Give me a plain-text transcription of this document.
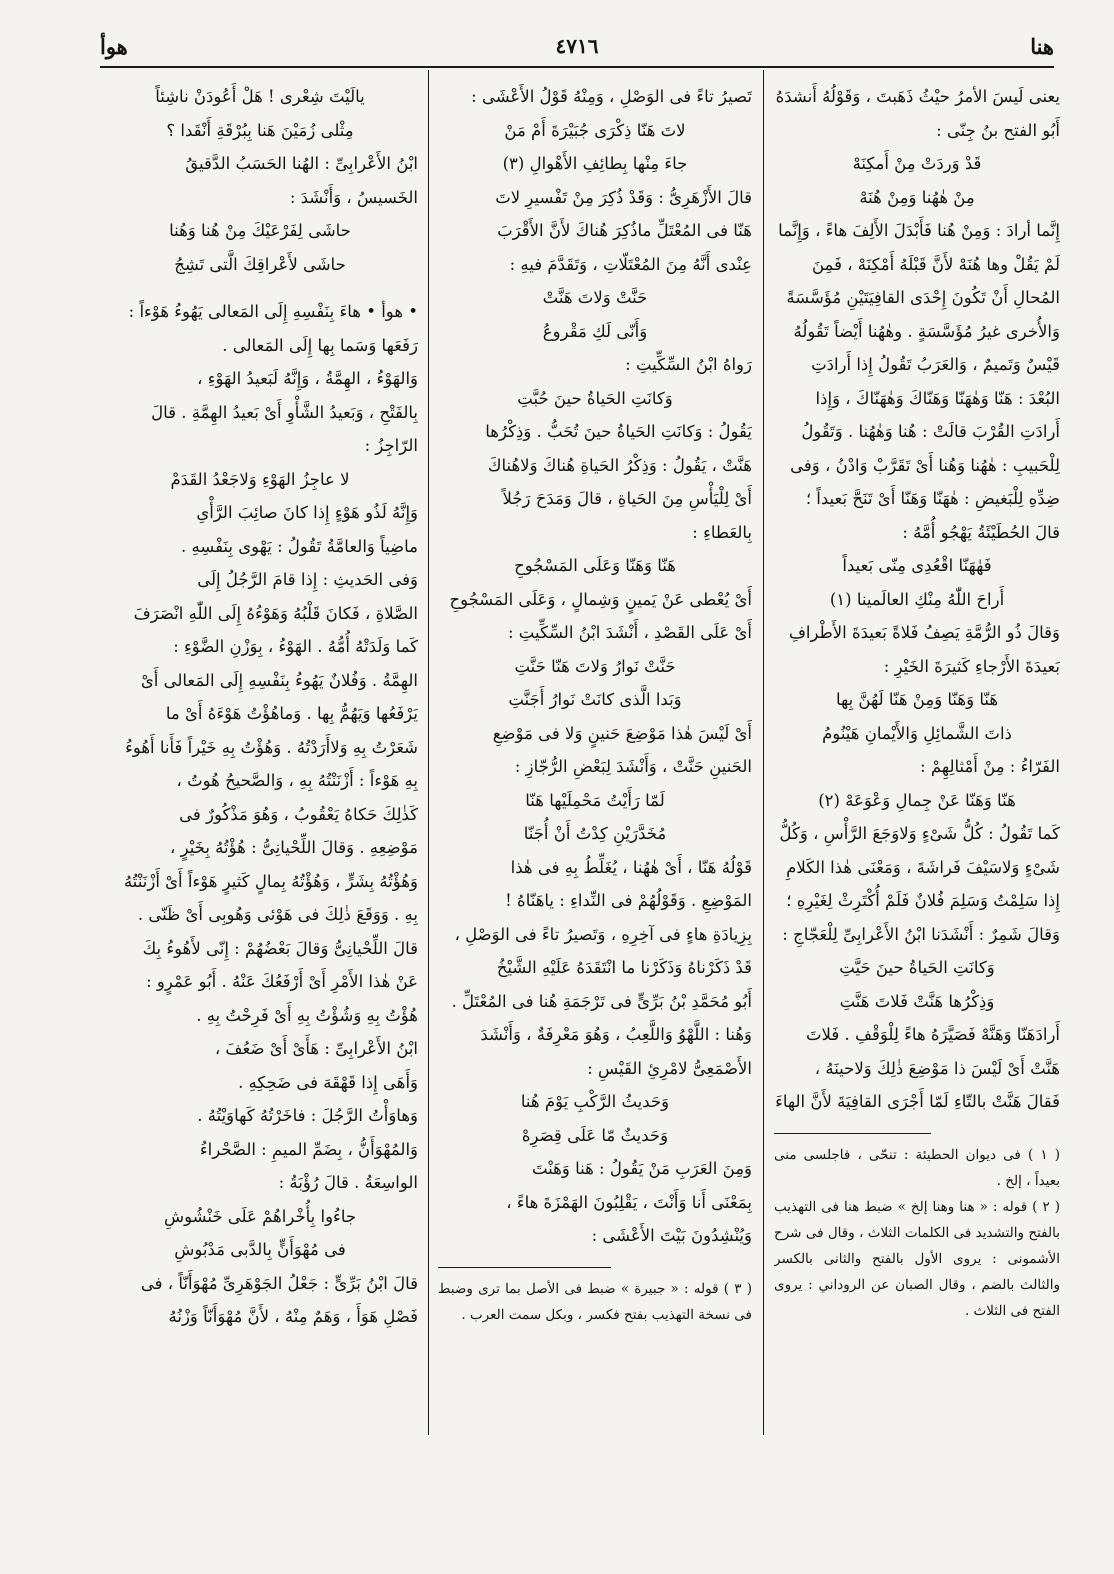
هنا
٤٧١٦
هوأ

يعنى لَيسَ الأمرُ حيْثُ ذَهَبتَ ، وَقَوْلُهُ أَنشدَهُ

أَبُو الفتح بنُ جِنّى :

قَدْ وَردَتْ مِنْ أَمكِنَهْ

مِنْ هٰهُنا وَمِنْ هُنَهْ

إِنَّما أرادَ : وَمِنْ هُنا فَأَبْدَلَ الأَلِفَ هاءً ، وَإِنَّما

لَمْ يَقُلْ وها هُنَهْ لأَنَّ قَبْلَهُ أَمْكِنَهْ ، فَمِنَ

المُحالِ أَنْ تَكُونَ إِحْدَى القافِيَتَيْنِ مُؤَسَّسَةً

وَالأُخرى غيرُ مُؤَسَّسَةٍ . وهٰهُنا أَيْضاً تَقُولُهُ

قَيْسٌ وَتَميمٌ ، وَالعَرَبُ تَقُولُ إِذا أَرادَتِ

البُعْدَ : هَنّا وَهٰهَنّا وَهَنّاكَ وَهٰهَنّاكَ ، وَإِذا

أَرادَتِ القُرْبَ قالَتْ : هُنا وَهٰهُنا . وَتَقُولُ

لِلْحَبيبِ : هٰهُنا وَهُنا أَىْ تَقَرَّبْ وَادْنُ ، وَفى

ضِدِّهِ لِلْبَغيضِ : هٰهَنّا وَهَنّا أَىْ تَنَحَّ بَعيداً ؛

قالَ الحُطَيْئَةُ يَهْجُو أُمَّهُ :

فَهٰهَنّا اقْعُدِى مِنّى بَعيداً

أَراحَ اللّٰهُ مِنْكِ العالَمينا (١)

وَقالَ ذُو الرُّمَّةِ يَصِفُ فَلاةً بَعيدَةَ الأَطْرافِ

بَعيدَةَ الأَرْجاءِ كَثيرَةَ الخَيْرِ :

هَنّا وَهَنّا وَمِنْ هَنّا لَهُنَّ بِها

ذاتَ الشَّمائِلِ وَالأَيْمانِ هَيْنُومُ

الفَرّاءُ : مِنْ أَمْثالِهِمْ :

هَنّا وَهَنّا عَنْ جِمالِ وَعْوَعَهْ (٢)

كَما تَقُولُ : كُلُّ شَىْءٍ وَلاوَجَعَ الرَّأْسِ ، وَكُلُّ

شَىْءٍ وَلاسَيْفَ فَراشَةَ ، وَمَعْنَى هٰذا الكَلامِ

إِذا سَلِمْتُ وَسَلِمَ فُلانٌ فَلَمْ أُكْتَرِثْ لِغَيْرِهِ ؛

وَقالَ شَمِرٌ : أَنْشَدَنا ابْنُ الأَعْرابِىِّ لِلْعَجّاجِ :

وَكانَتِ الحَياةُ حينَ حَيَّتِ

وَذِكْرُها هَنَّتْ فَلاتَ هَنَّتِ

أَرادَهَنّا وَهَنَّهْ فَصَيَّرَهُ هاءً لِلْوَقْفِ . فَلاتَ

هَنَّتْ أَىْ لَيْسَ ذا مَوْضِعَ ذٰلِكَ وَلاحينَهُ ،

فَقالَ هَنَّتْ بالتّاءِ لَمّا أَجْرَى القافِيَةَ لأَنَّ الهاءَ

( ١ ) فى ديوان الحطيئة : تنحّى ، فاجلسى منى بعيداً ، إلخ .

( ٢ ) قوله : « هنا وهنا إلخ » ضبط هنا فى التهذيب بالفتح والتشديد فى الكلمات الثلاث ، وقال فى شرح الأشمونى : يروى الأول بالفتح والثانى بالكسر والثالث بالضم ، وقال الصبان عن الروداني : يروى الفتح فى الثلاث .

تَصيرُ تاءً فى الوَصْلِ ، وَمِنْهُ قَوْلُ الأَعْشَى :

لاتَ هَنّا ذِكْرَى جُبَيْرَةَ أَمْ مَنْ

جاءَ مِنْها بِطائِفِ الأَهْوالِ (٣)

قالَ الأَزْهَرِىُّ : وَقَدْ ذُكِرَ مِنْ تَفْسيرِ لاتَ

هَنّا فى المُعْتَلِّ ماذُكِرَ هُناكَ لأَنَّ الأَقْرَبَ

عِنْدى أَنَّهُ مِنَ المُعْتَلّاتِ ، وَتَقَدَّمَ فيهِ :

حَنَّتْ وَلاتَ هَنَّتْ

وَأَنّى لَكِ مَقْروعُ

رَواهُ ابْنُ السِّكِّيتِ :

وَكانَتِ الحَياةُ حينَ حُبَّتِ

يَقُولُ : وَكانَتِ الحَياةُ حينَ تُحَبُّ . وَذِكْرُها

هَنَّتْ ، يَقُولُ : وَذِكْرُ الحَياةِ هُناكَ وَلاهُناكَ

أَىْ لِلْيَأْسِ مِنَ الحَياةِ ، قالَ وَمَدَحَ رَجُلاً

بِالعَطاءِ :

هَنّا وَهَنّا وَعَلَى المَسْجُوحِ

أَىْ يُعْطى عَنْ يَمينٍ وَشِمالٍ ، وَعَلَى المَسْجُوحِ

أَىْ عَلَى القَصْدِ ، أَنْشَدَ ابْنُ السِّكِّيتِ :

حَنَّتْ نَوارُ وَلاتَ هَنّا حَنَّتِ

وَبَدا الَّذى كانَتْ نَوارُ أَجَنَّتِ

أَىْ لَيْسَ هٰذا مَوْضِعَ حَنينٍ وَلا فى مَوْضِعِ

الحَنينِ حَنَّتْ ، وَأَنْشَدَ لِبَعْضِ الرُّجّازِ :

لَمّا رَأَيْتُ مَحْمِلَيْها هَنّا

مُخَدَّرَيْنِ كِدْتُ أَنْ أُجَنّا

قَوْلُهُ هَنّا ، أَىْ هٰهُنا ، يُغَلِّطُ بِهِ فى هٰذا

المَوْضِعِ . وَقَوْلُهُمْ فى النِّداءِ : ياهَنّاهُ !

بِزِيادَةِ هاءٍ فى آخِرِهِ ، وَتَصيرُ تاءً فى الوَصْلِ ،

قَدْ ذَكَرْناهُ وَذَكَرْنا ما انْتَقَدَهُ عَلَيْهِ الشَّيْخُ

أَبُو مُحَمَّدِ بْنُ بَرِّىٍّ فى تَرْجَمَةِ هُنا فى المُعْتَلِّ .

وَهُنا : اللَّهْوُ وَاللَّعِبُ ، وَهُوَ مَعْرِفَةٌ ، وَأَنْشَدَ

الأَصْمَعِىُّ لامْرِئِ القَيْسِ :

وَحَديثُ الرَّكْبِ يَوْمَ هُنا

وَحَديثٌ مّا عَلَى قِصَرِهْ

وَمِنَ العَرَبِ مَنْ يَقُولُ : هَنا وَهَنْتَ

بِمَعْنَى أَنا وَأَنْتَ ، يَقْلِبُونَ الهَمْزَةَ هاءً ،

وَيُنْشِدُونَ بَيْتَ الأَعْشَى :

( ٣ ) قوله : « جبيرة » ضبط فى الأصل بما ترى وضبط فى نسخة التهذيب بفتح فكسر ، وبكل سمت العرب .

يالَيْتَ شِعْرى ! هَلْ أَعُودَنْ ناشِئاً

مِثْلى زُمَيْنَ هَنا بِبُرْقَةِ أَنْقَدا ؟

ابْنُ الأَعْرابِىِّ : الهُنا الحَسَبُ الدَّقيقُ

الخَسيسُ ، وَأَنْشَدَ :

حاشَى لِفَرْعَيْكَ مِنْ هُنا وَهُنا

حاشَى لأَعْراقِكَ الَّتى تَشِجُ

• هوأ • هاءَ بِنَفْسِهِ إِلَى المَعالى يَهُوءُ هَوْءاً :

رَفَعَها وَسَما بِها إِلَى المَعالى .

وَالهَوْءُ ، الهِمَّةُ ، وَإِنَّهُ لَبَعيدُ الهَوْءِ ،

بِالفَتْحِ ، وَبَعيدُ الشَّأْوِ أَىْ بَعيدُ الهِمَّةِ . قالَ

الرّاجِزُ :

لا عاجِزُ الهَوْءِ وَلاجَعْدُ القَدَمْ

وَإِنَّهُ لَذُو هَوْءٍ إِذا كانَ صائِبَ الرَّأْىِ

ماضِياً وَالعامَّةُ تَقُولُ : يَهْوى بِنَفْسِهِ .

وَفى الحَديثِ : إِذا قامَ الرَّجُلُ إِلَى

الصَّلاةِ ، فَكانَ قَلْبُهُ وَهَوْءُهُ إِلَى اللّٰهِ انْصَرَفَ

كَما وَلَدَتْهُ أُمُّهُ . الهَوْءُ ، بِوَزْنِ الضَّوْءِ :

الهِمَّةُ . وَفُلانٌ يَهُوءُ بِنَفْسِهِ إِلَى المَعالى أَىْ

يَرْفَعُها وَيَهُمُّ بِها . وَماهُؤْتُ هَوْءَهُ أَىْ ما

شَعَرْتُ بِهِ وَلاأَرَدْتُهُ . وَهُؤْتُ بِهِ خَيْراً فَأَنا أَهُوءُ

بِهِ هَوْءاً : أَزْنَنْتُهُ بِهِ ، وَالصَّحيحُ هُوتُ ،

كَذٰلِكَ حَكاهُ يَعْقُوبُ ، وَهُوَ مَذْكُورٌ فى

مَوْضِعِهِ . وَقالَ اللِّحْيانِىُّ : هُؤْتُهُ بِخَيْرٍ ،

وَهُؤْتُهُ بِشَرٍّ ، وَهُؤْتُهُ بِمالٍ كَثيرٍ هَوْءاً أَىْ أَزْنَنْتُهُ

بِهِ . وَوَقَعَ ذٰلِكَ فى هَوْئى وَهُوبِى أَىْ ظَنّى .

قالَ اللِّحْيانِىُّ وَقالَ بَعْضُهُمْ : إِنّى لأَهُوءُ بِكَ

عَنْ هٰذا الأَمْرِ أَىْ أَرْفَعُكَ عَنْهُ . أَبُو عَمْرٍو :

هُؤْتُ بِهِ وَشُؤْتُ بِهِ أَىْ فَرِحْتُ بِهِ .

ابْنُ الأَعْرابِىِّ : هَأَىْ أَىْ ضَعُفَ ،

وَأَهَى إِذا قَهْقَهَ فى ضَحِكِهِ .

وَهاوَأْتُ الرَّجُلَ : فاخَرْتُهُ كَهاوَيْتُهُ .

وَالمُهْوَأَنُّ ، بِضَمِّ الميمِ : الصَّحْراءُ

الواسِعَةُ . قالَ رُؤْبَةُ :

جاءُوا بِأُخْراهُمْ عَلَى خَنْشُوشِ

فى مُهْوَأَنٍّ بِالدَّبى مَدْبُوشِ

قالَ ابْنُ بَرِّىٍّ : جَعْلُ الجَوْهَرِىِّ مُهْوَأَنّاً ، فى

فَصْلِ هَوَأَ ، وَهَمٌ مِنْهُ ، لأَنَّ مُهْوَأَنّاً وَزْنُهُ
